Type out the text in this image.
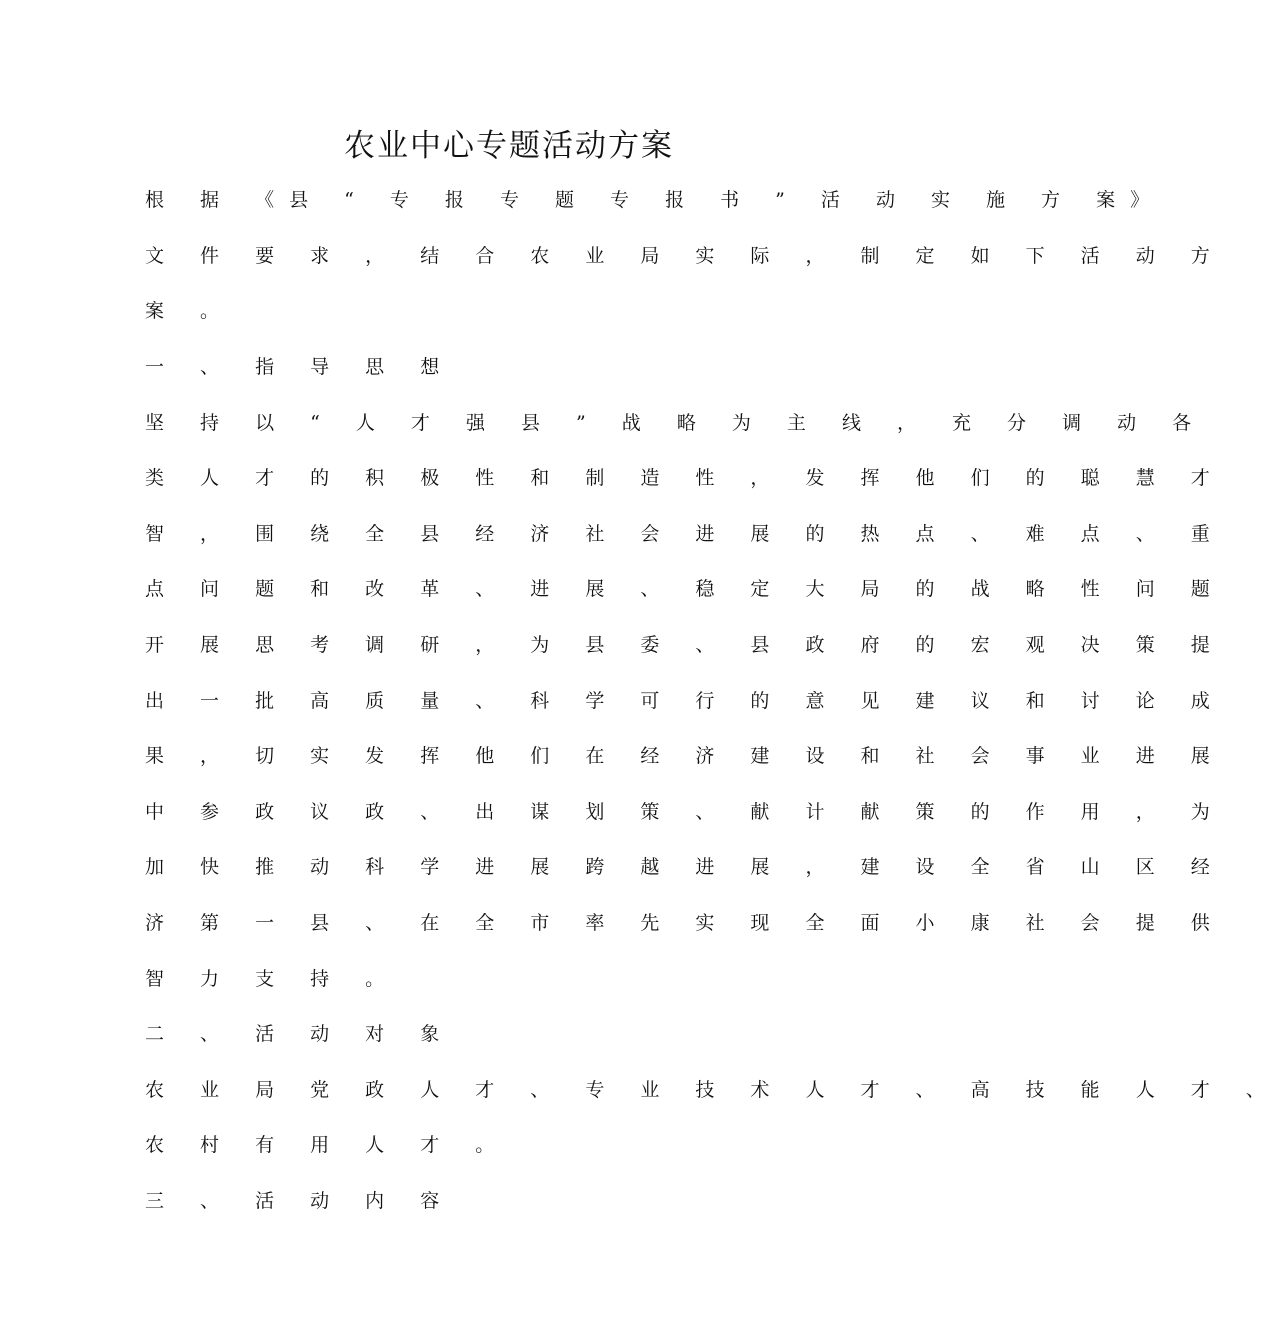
农业中心专题活动方案
根 据 《县 “ 专 报 专 题 专 报 书 ” 活 动 实 施 方 案》
文 件 要 求 ， 结 合 农 业 局 实 际 ， 制 定 如 下 活 动 方
案 。
一 、 指 导 思 想
坚 持 以 “ 人 才 强 县 ” 战 略 为 主 线 ， 充 分 调 动 各
类 人 才 的 积 极 性 和 制 造 性 ， 发 挥 他 们 的 聪 慧 才
智 ， 围 绕 全 县 经 济 社 会 进 展 的 热 点 、 难 点 、 重
点 问 题 和 改 革 、 进 展 、 稳 定 大 局 的 战 略 性 问 题
开 展 思 考 调 研 ， 为 县 委 、 县 政 府 的 宏 观 决 策 提
出 一 批 高 质 量 、 科 学 可 行 的 意 见 建 议 和 讨 论 成
果 ， 切 实 发 挥 他 们 在 经 济 建 设 和 社 会 事 业 进 展
中 参 政 议 政 、 出 谋 划 策 、 献 计 献 策 的 作 用 ， 为
加 快 推 动 科 学 进 展 跨 越 进 展 ， 建 设 全 省 山 区 经
济 第 一 县 、 在 全 市 率 先 实 现 全 面 小 康 社 会 提 供
智 力 支 持 。
二 、 活 动 对 象
农 业 局 党 政 人 才 、 专 业 技 术 人 才 、 高 技 能 人 才 、
农 村 有 用 人 才 。
三 、 活 动 内 容
